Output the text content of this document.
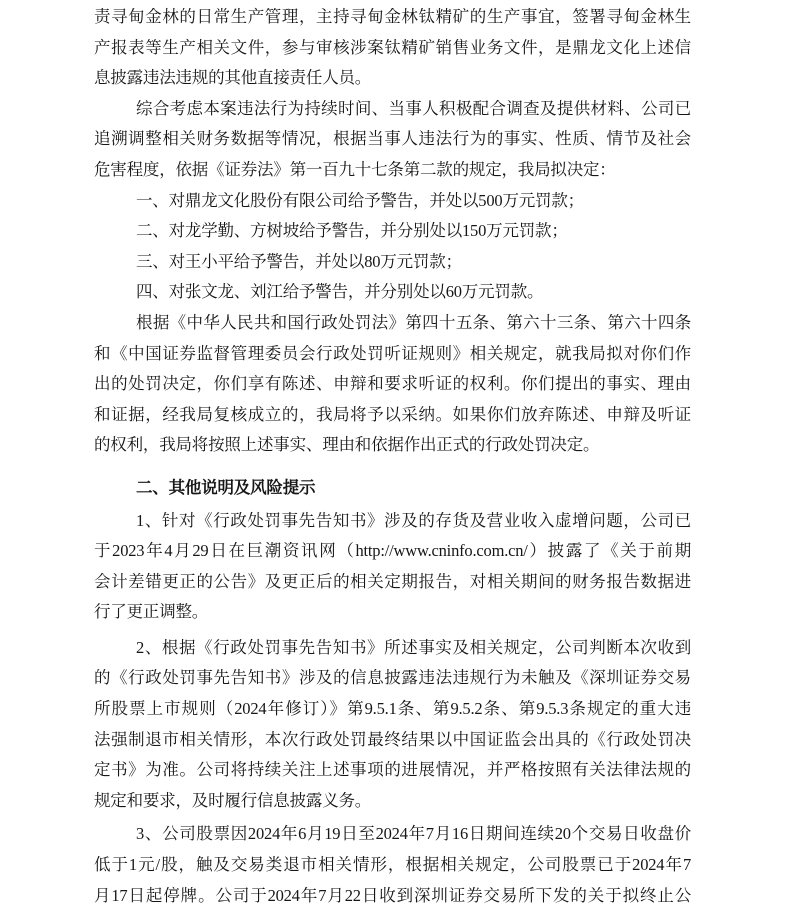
责寻甸金林的日常生产管理，主持寻甸金林钛精矿的生产事宜，签署寻甸金林生
产报表等生产相关文件，参与审核涉案钛精矿销售业务文件，是鼎龙文化上述信
息披露违法违规的其他直接责任人员。
综合考虑本案违法行为持续时间、当事人积极配合调查及提供材料、公司已
追溯调整相关财务数据等情况，根据当事人违法行为的事实、性质、情节及社会
危害程度，依据《证券法》第一百九十七条第二款的规定，我局拟决定：
一、对鼎龙文化股份有限公司给予警告，并处以500万元罚款；
二、对龙学勤、方树坡给予警告，并分别处以150万元罚款；
三、对王小平给予警告，并处以80万元罚款；
四、对张文龙、刘江给予警告，并分别处以60万元罚款。
根据《中华人民共和国行政处罚法》第四十五条、第六十三条、第六十四条
和《中国证券监督管理委员会行政处罚听证规则》相关规定，就我局拟对你们作
出的处罚决定，你们享有陈述、申辩和要求听证的权利。你们提出的事实、理由
和证据，经我局复核成立的，我局将予以采纳。如果你们放弃陈述、申辩及听证
的权利，我局将按照上述事实、理由和依据作出正式的行政处罚决定。
二、其他说明及风险提示
1、针对《行政处罚事先告知书》涉及的存货及营业收入虚增问题，公司已
于2023年4月29日在巨潮资讯网（http://www.cninfo.com.cn/）披露了《关于前期
会计差错更正的公告》及更正后的相关定期报告，对相关期间的财务报告数据进
行了更正调整。
2、根据《行政处罚事先告知书》所述事实及相关规定，公司判断本次收到
的《行政处罚事先告知书》涉及的信息披露违法违规行为未触及《深圳证券交易
所股票上市规则（2024年修订）》第9.5.1条、第9.5.2条、第9.5.3条规定的重大违
法强制退市相关情形，本次行政处罚最终结果以中国证监会出具的《行政处罚决
定书》为准。公司将持续关注上述事项的进展情况，并严格按照有关法律法规的
规定和要求，及时履行信息披露义务。
3、公司股票因2024年6月19日至2024年7月16日期间连续20个交易日收盘价
低于1元/股，触及交易类退市相关情形，根据相关规定，公司股票已于2024年7
月17日起停牌。公司于2024年7月22日收到深圳证券交易所下发的关于拟终止公
